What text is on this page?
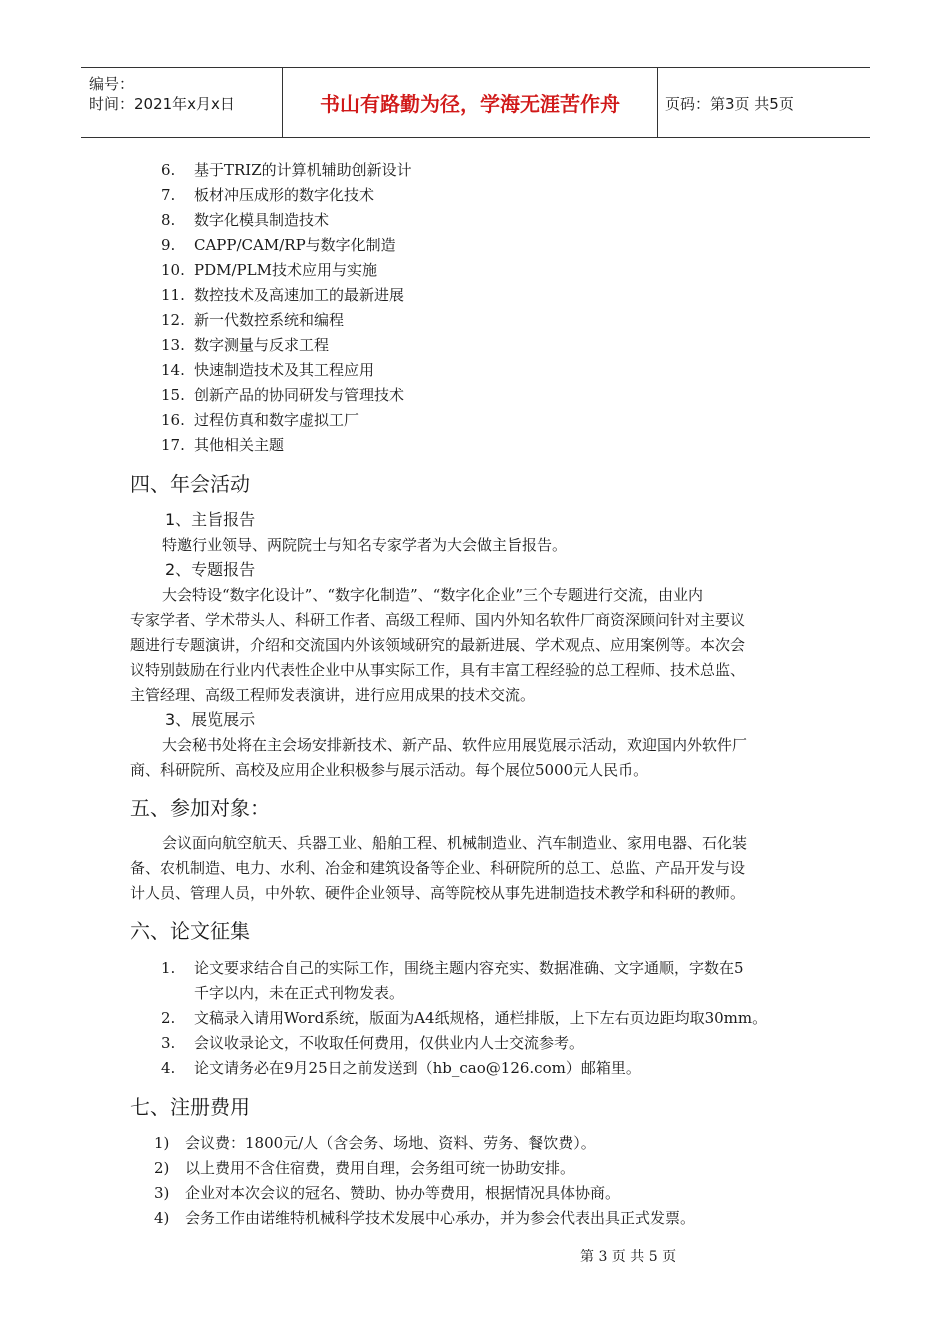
编号：
时间：2021年x月x日	书山有路勤为径，学海无涯苦作舟	页码：第3页 共5页
6. 基于TRIZ的计算机辅助创新设计
7. 板材冲压成形的数字化技术
8. 数字化模具制造技术
9. CAPP/CAM/RP与数字化制造
10. PDM/PLM技术应用与实施
11. 数控技术及高速加工的最新进展
12. 新一代数控系统和编程
13. 数字测量与反求工程
14. 快速制造技术及其工程应用
15. 创新产品的协同研发与管理技术
16. 过程仿真和数字虚拟工厂
17. 其他相关主题
四、年会活动
1、主旨报告
特邀行业领导、两院院士与知名专家学者为大会做主旨报告。
2、专题报告
大会特设“数字化设计”、“数字化制造”、“数字化企业”三个专题进行交流，由业内
专家学者、学术带头人、科研工作者、高级工程师、国内外知名软件厂商资深顾问针对主要议
题进行专题演讲，介绍和交流国内外该领域研究的最新进展、学术观点、应用案例等。本次会
议特别鼓励在行业内代表性企业中从事实际工作，具有丰富工程经验的总工程师、技术总监、
主管经理、高级工程师发表演讲，进行应用成果的技术交流。
3、展览展示
大会秘书处将在主会场安排新技术、新产品、软件应用展览展示活动，欢迎国内外软件厂
商、科研院所、高校及应用企业积极参与展示活动。每个展位5000元人民币。
五、参加对象：
会议面向航空航天、兵器工业、船舶工程、机械制造业、汽车制造业、家用电器、石化装
备、农机制造、电力、水利、冶金和建筑设备等企业、科研院所的总工、总监、产品开发与设
计人员、管理人员，中外软、硬件企业领导、高等院校从事先进制造技术教学和科研的教师。
六、论文征集
1. 论文要求结合自己的实际工作，围绕主题内容充实、数据准确、文字通顺，字数在5
千字以内，未在正式刊物发表。
2. 文稿录入请用Word系统，版面为A4纸规格，通栏排版，上下左右页边距均取30mm。
3. 会议收录论文，不收取任何费用，仅供业内人士交流参考。
4. 论文请务必在9月25日之前发送到（hb_cao@126.com）邮箱里。
七、注册费用
1) 会议费：1800元/人（含会务、场地、资料、劳务、餐饮费）。
2) 以上费用不含住宿费，费用自理，会务组可统一协助安排。
3) 企业对本次会议的冠名、赞助、协办等费用，根据情况具体协商。
4) 会务工作由诺维特机械科学技术发展中心承办，并为参会代表出具正式发票。
第 3 页 共 5 页
